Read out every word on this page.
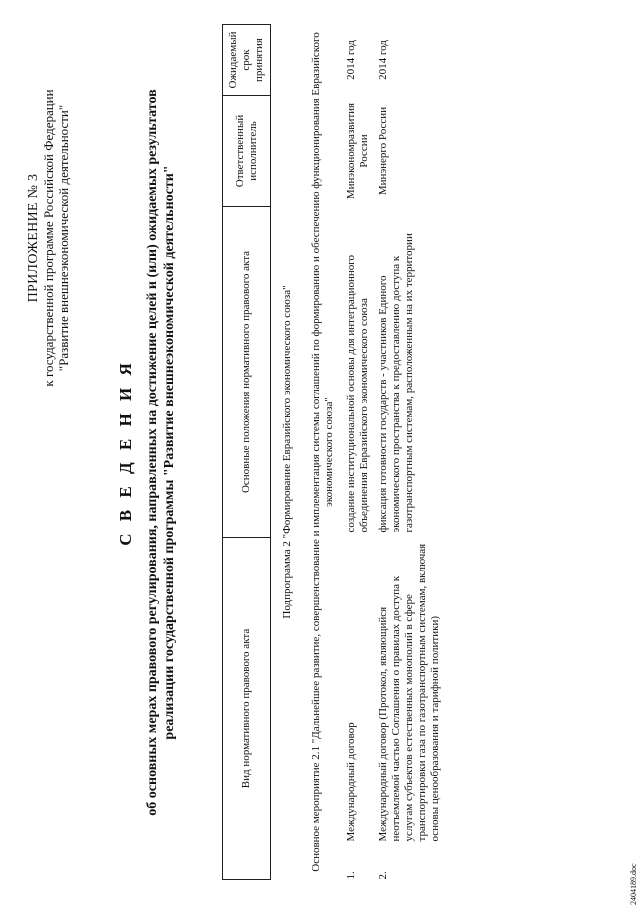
ПРИЛОЖЕНИЕ № 3 к государственной программе Российской Федерации "Развитие внешнеэкономической деятельности"
С В Е Д Е Н И Я об основных мерах правового регулирования, направленных на достижение целей и (или) ожидаемых результатов реализации государственной программы "Развитие внешнеэкономической деятельности"	Вид нормативного правового акта		Основные положения нормативного правового акта	Ответственный исполнитель	Ожидаемый срок принятия
Подпрограмма 2 "Формирование Евразийского экономического союза"				
Основное мероприятие 2.1 "Дальнейшее развитие, совершенствование и имплементация системы соглашений по формированию и обеспечению функционирования Евразийского экономического союза"				
1.	Международный договор	создание институциональной основы для интеграционного объединения Евразийского экономического союза	Минэкономразвития России	2014 год
2.	Международный договор (Протокол, являющийся неотъемлемой частью Соглашения о правилах доступа к услугам субъектов естественных монополий в сфере транспортировки газа по газотранспортным системам, включая основы ценообразования и тарифной политики)	фиксация готовности государств - участников Единого экономического пространства к предоставлению доступа к газотранспортным системам, расположенным на их территории	Минэнерго России	2014 год
2404189.doc
